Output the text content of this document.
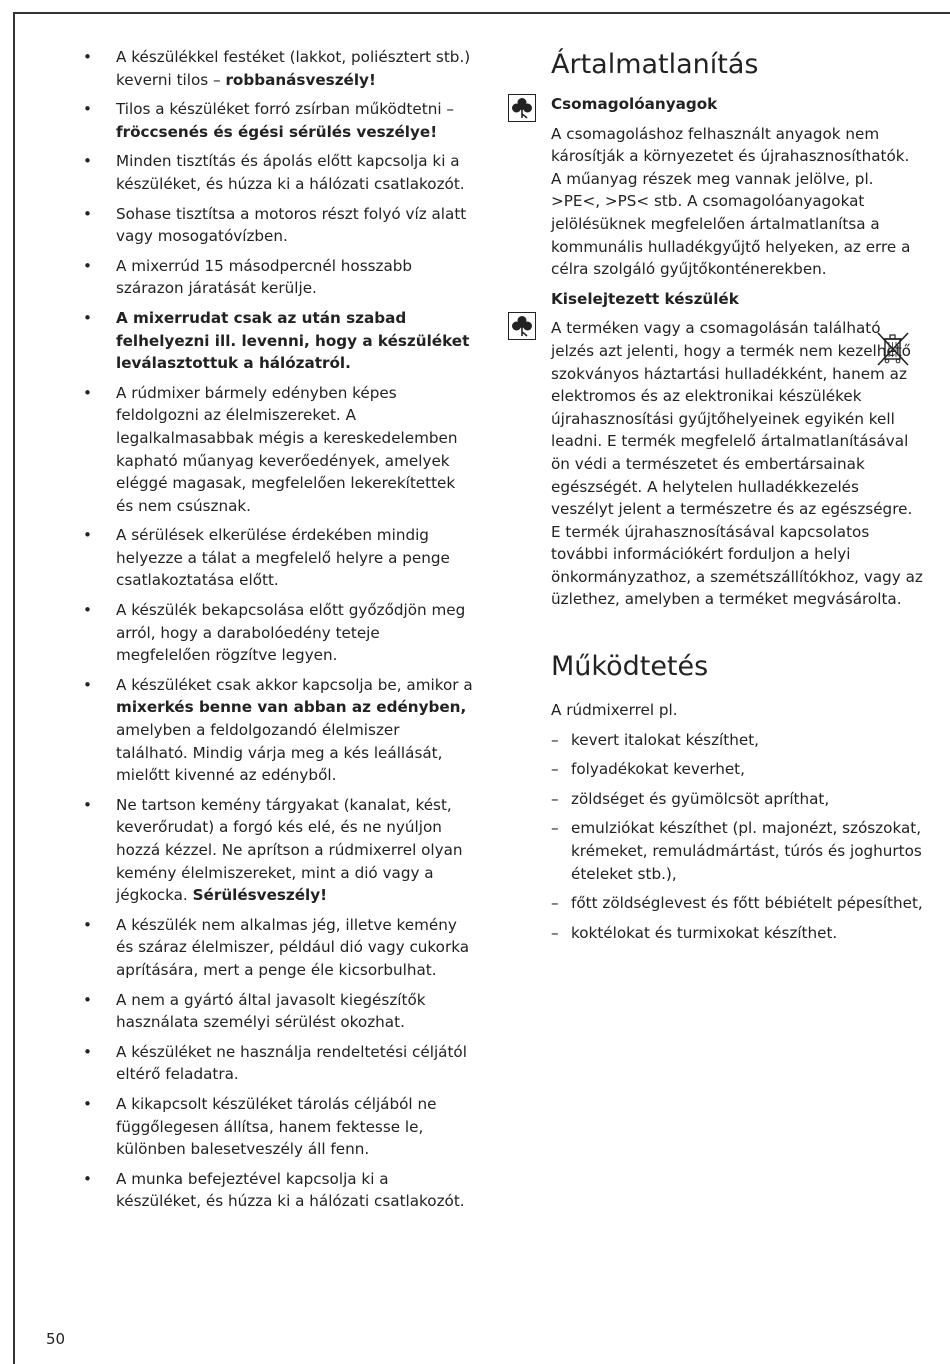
• A készülékkel festéket (lakkot, poliésztert stb.) keverni tilos – robbanásveszély!
• Tilos a készüléket forró zsírban működtetni – fröccsenés és égési sérülés veszélye!
• Minden tisztítás és ápolás előtt kapcsolja ki a készüléket, és húzza ki a hálózati csatlakozót.
• Sohase tisztítsa a motoros részt folyó víz alatt vagy mosogatóvízben.
• A mixerrúd 15 másodpercnél hosszabb szárazon járatását kerülje.
• A mixerrudat csak az után szabad felhelyezni ill. levenni, hogy a készüléket leválasztottuk a hálózatról.
• A rúdmixer bármely edényben képes feldolgozni az élelmiszereket. A legalkalmasabbak mégis a kereskedelemben kapható műanyag keverőedények, amelyek eléggé magasak, megfelelően lekerekítettek és nem csúsznak.
• A sérülések elkerülése érdekében mindig helyezze a tálat a megfelelő helyre a penge csatlakoztatása előtt.
• A készülék bekapcsolása előtt győződjön meg arról, hogy a darabolóedény teteje megfelelően rögzítve legyen.
• A készüléket csak akkor kapcsolja be, amikor a mixerkés benne van abban az edényben, amelyben a feldolgozandó élelmiszer található. Mindig várja meg a kés leállását, mielőtt kivenné az edényből.
• Ne tartson kemény tárgyakat (kanalat, kést, keverőrudat) a forgó kés elé, és ne nyúljon hozzá kézzel. Ne aprítson a rúdmixerrel olyan kemény élelmiszereket, mint a dió vagy a jégkocka. Sérülésveszély!
• A készülék nem alkalmas jég, illetve kemény és száraz élelmiszer, például dió vagy cukorka aprítására, mert a penge éle kicsorbulhat.
• A nem a gyártó által javasolt kiegészítők használata személyi sérülést okozhat.
• A készüléket ne használja rendeltetési céljától eltérő feladatra.
• A kikapcsolt készüléket tárolás céljából ne függőlegesen állítsa, hanem fektesse le, különben balesetveszély áll fenn.
• A munka befejeztével kapcsolja ki a készüléket, és húzza ki a hálózati csatlakozót.
Ártalmatlanítás
Csomagolóanyagok

A csomagoláshoz felhasznált anyagok nem károsítják a környezetet és újrahasznosíthatók. A műanyag részek meg vannak jelölve, pl. >PE<, >PS< stb. A csomagolóanyagokat jelölésüknek megfelelően ártalmatlanítsa a kommunális hulladékgyűjtő helyeken, az erre a célra szolgáló gyűjtőkonténerekben.

Kiselejtezett készülék

A terméken vagy a csomagolásán található jelzés azt jelenti, hogy a termék nem kezelhető szokványos háztartási hulladékként, hanem az elektromos és az elektronikai készülékek újrahasznosítási gyűjtőhelyeinek egyikén kell leadni. E termék megfelelő ártalmatlanításával ön védi a természetet és embertársainak egészségét. A helytelen hulladékkezelés veszélyt jelent a természetre és az egészségre. E termék újrahasznosításával kapcsolatos további információkért forduljon a helyi önkormányzathoz, a szemétszállítókhoz, vagy az üzlethez, amelyben a terméket megvásárolta.

Működtetés

A rúdmixerrel pl.

– kevert italokat készíthet,
– folyadékokat keverhet,
– zöldséget és gyümölcsöt apríthat,
– emulziókat készíthet (pl. majonézt, szószokat, krémeket, remuládmártást, túrós és joghurtos ételeket stb.),
– főtt zöldséglevest és főtt bébiételt pépesíthet,
– koktélokat és turmixokat készíthet.
50
